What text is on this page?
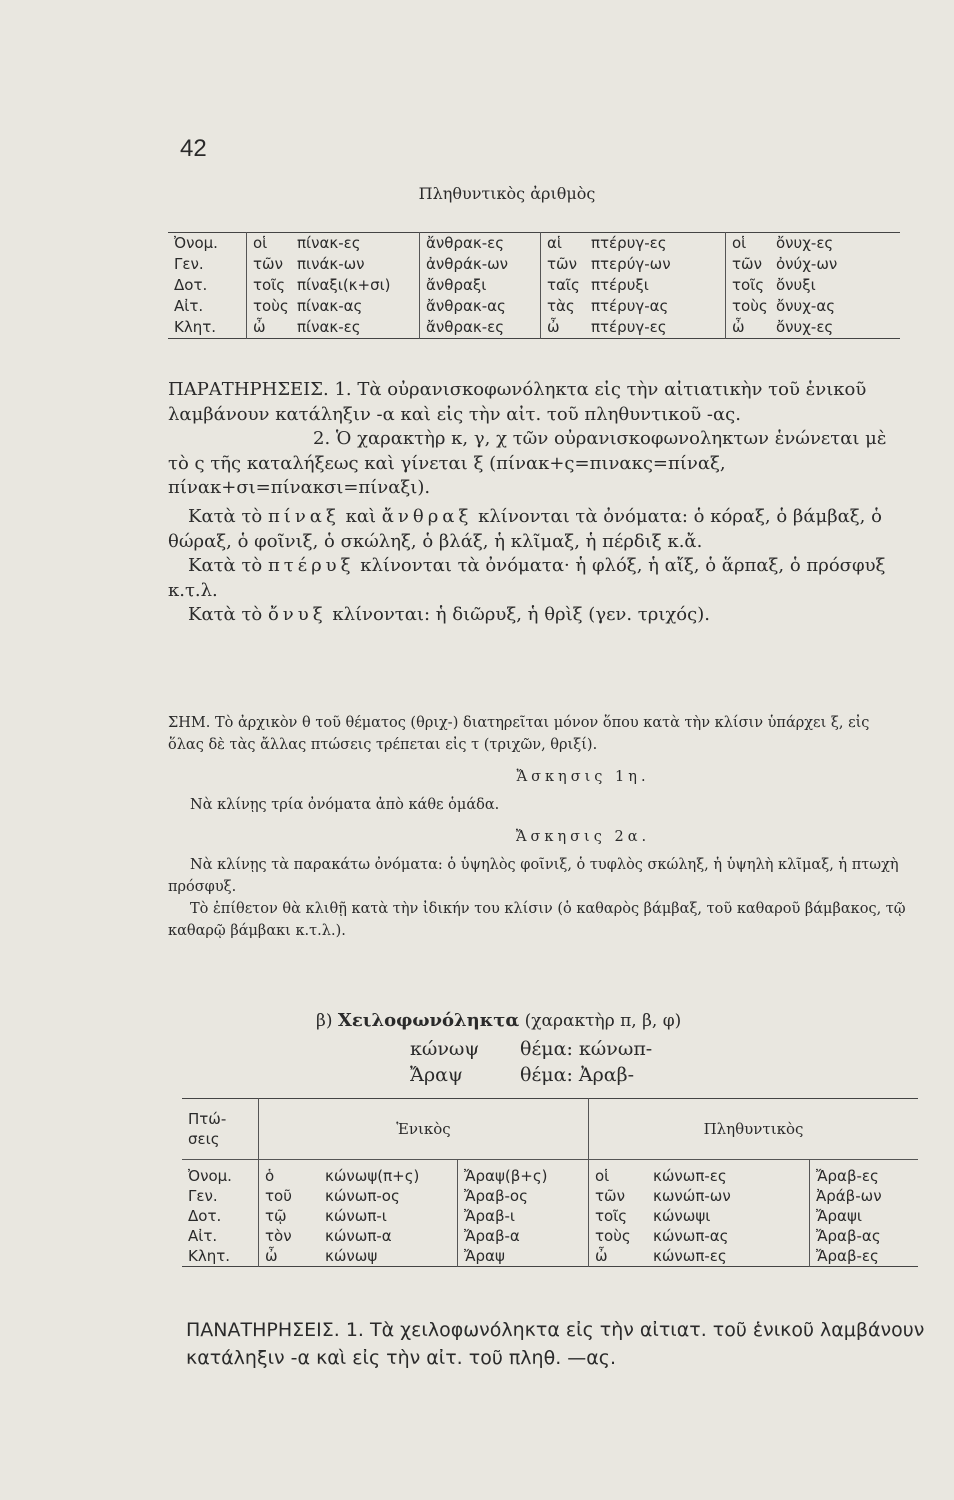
42
Πληθυντικὸς ἀριθμὸς
Ὀνομ.	οἱ πίνακ-ες	ἄνθρακ-ες	αἱ πτέρυγ-ες	οἱ ὄνυχ-ες
Γεν.	τῶν πινάκ-ων	ἀνθράκ-ων	τῶν πτερύγ-ων	τῶν ὀνύχ-ων
Δοτ.	τοῖς πίναξι(κ+σι)	ἄνθραξι	ταῖς πτέρυξι	τοῖς ὄνυξι
Αἰτ.	τοὺς πίνακ-ας	ἄνθρακ-ας	τὰς πτέρυγ-ας	τοὺς ὄνυχ-ας
Κλητ.	ὦ πίνακ-ες	ἄνθρακ-ες	ὦ πτέρυγ-ες	ὦ ὄνυχ-ες

ΠΑΡΑΤΗΡΗΣΕΙΣ. 1. Τὰ οὐρανισκοφωνόληκτα εἰς τὴν αἰτιατικὴν τοῦ ἑνικοῦ λαμβάνουν κατάληξιν -α καὶ εἰς τὴν αἰτ. τοῦ πληθυντικοῦ -ας.

2. Ὁ χαρακτὴρ κ, γ, χ τῶν οὐρανισκοφωνοληκτων ἑνώνεται μὲ τὸ ς τῆς καταλήξεως καὶ γίνεται ξ (πίνακ+ς=πινακς=πίναξ, πίνακ+σι=πίνακσι=πίναξι).

Κατὰ τὸ πίναξ καὶ ἄνθραξ κλίνονται τὰ ὀνόματα: ὁ κόραξ, ὁ βάμβαξ, ὁ θώραξ, ὁ φοῖνιξ, ὁ σκώληξ, ὁ βλάξ, ἡ κλῖμαξ, ἡ πέρδιξ κ.ἄ.

Κατὰ τὸ πτέρυξ κλίνονται τὰ ὀνόματα· ἡ φλόξ, ἡ αἴξ, ὁ ἅρπαξ, ὁ πρόσφυξ κ.τ.λ.

Κατὰ τὸ ὄνυξ κλίνονται: ἡ διῶρυξ, ἡ θρὶξ (γεν. τριχός).

ΣΗΜ. Τὸ ἀρχικὸν θ τοῦ θέματος (θριχ-) διατηρεῖται μόνον ὅπου κατὰ τὴν κλίσιν ὑπάρχει ξ, εἰς ὅλας δὲ τὰς ἄλλας πτώσεις τρέπεται εἰς τ (τριχῶν, θριξί).

Ἄσκησις 1η.

Νὰ κλίνῃς τρία ὀνόματα ἀπὸ κάθε ὁμάδα.

Ἄσκησις 2α.

Νὰ κλίνῃς τὰ παρακάτω ὀνόματα: ὁ ὑψηλὸς φοῖνιξ, ὁ τυφλὸς σκώληξ, ἡ ὑψηλὴ κλῖμαξ, ἡ πτωχὴ πρόσφυξ.

Τὸ ἐπίθετον θὰ κλιθῇ κατὰ τὴν ἰδικήν του κλίσιν (ὁ καθαρὸς βάμβαξ, τοῦ καθαροῦ βάμβακος, τῷ καθαρῷ βάμβακι κ.τ.λ.).

β) Χειλοφωνόληκτα (χαρακτὴρ π, β, φ)
κώνωψ θέμα: κώνωπ-
Ἄραψ	θέμα: Ἀραβ-
Πτώ-σεις	Ἑνικὸς			Πληθυντικὸς		
Ὀνομ.	ὁ	κώνωψ(π+ς)	Ἄραψ(β+ς)	οἱ	κώνωπ-ες	Ἄραβ-ες
Γεν.	τοῦ	κώνωπ-ος	Ἄραβ-ος	τῶν	κωνώπ-ων	Ἀράβ-ων
Δοτ.	τῷ	κώνωπ-ι	Ἄραβ-ι	τοῖς	κώνωψι	Ἄραψι
Αἰτ.	τὸν	κώνωπ-α	Ἄραβ-α	τοὺς	κώνωπ-ας	Ἄραβ-ας
Κλητ.	ὦ	κώνωψ	Ἄραψ	ὦ	κώνωπ-ες	Ἄραβ-ες

ΠΑΝΑΤΗΡΗΣΕΙΣ. 1. Τὰ χειλοφωνόληκτα εἰς τὴν αἰτιατ. τοῦ ἑνικοῦ λαμβάνουν κατάληξιν -α καὶ εἰς τὴν αἰτ. τοῦ πληθ. —ας.
